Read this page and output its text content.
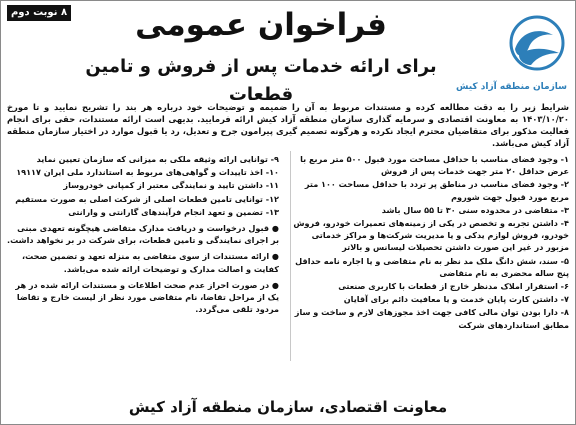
۸ نوبت دوم
سازمان منطقه آزاد کیش
فراخوان عمومی
برای ارائه خدمات پس از فروش و تامین قطعات
شرایط زیر را به دقت مطالعه کرده و مستندات مربوط به آن را ضمیمه و توضیحات خود درباره هر بند را تشریح نمایید و تا مورخ ۱۴۰۳/۱۰/۲۰ به معاونت اقتصادی و سرمایه گذاری سازمان منطقه آزاد کیش ارائه فرمایید. بدیهی است ارائه مستندات، حقی برای انجام فعالیت مذکور برای متقاضیان محترم ایجاد نکرده و هرگونه تصمیم گیری پیرامون جرح و تعدیل، رد یا قبول موارد در اختیار سازمان منطقه آزاد کیش می‌باشد.

۱- وجود فضای مناسب با حداقل مساحت مورد قبول ۵۰۰ متر مربع با عرض حداقل ۲۰ متر جهت خدمات پس از فروش

۲- وجود فضای مناسب در مناطق پر تردد با حداقل مساحت ۱۰۰ متر مربع مورد قبول جهت شوروم

۳- متقاضی در محدوده سنی ۳۰ تا ۵۵ سال باشد

۴- داشتن تجربه و تخصص در یکی از زمینه‌های تعمیرات خودرو، فروش خودرو، فروش لوازم یدکی و یا مدیریت شرکت‌ها و مراکز خدماتی مزبور در غیر این صورت داشتن تحصیلات لیسانس و بالاتر

۵- سند، شش دانگ ملک مد نظر به نام متقاضی و یا اجاره نامه حداقل پنج ساله محضری به نام متقاضی

۶- استقرار املاک مدنظر خارج از قطعات با کاربری صنعتی

۷- داشتن کارت پایان خدمت و یا معافیت دائم برای آقایان

۸- دارا بودن توان مالی کافی جهت اخذ مجوزهای لازم و ساخت و ساز مطابق استانداردهای شرکت

۹- توانایی ارائه وثیقه ملکی به میزانی که سازمان تعیین نماید

۱۰- اخذ تاییدات و گواهی‌های مربوط به استاندارد ملی ایران ۱۹۱۱۷

۱۱- داشتن تایید و نمایندگی معتبر از کمپانی خودروساز

۱۲- توانایی تامین قطعات اصلی از شرکت اصلی به صورت مستقیم

۱۳- تضمین و تعهد انجام فرآیندهای گارانتی و وارانتی

● قبول درخواست و دریافت مدارک متقاضی هیچگونه تعهدی مبنی بر اجرای نمایندگی و تامین قطعات، برای شرکت در بر نخواهد داشت.

● ارائه مستندات از سوی متقاضی به منزله تعهد و تضمین صحت، کفایت و اصالت مدارک و توضیحات ارائه شده می‌باشد.

● در صورت احراز عدم صحت اطلاعات و مستندات ارائه شده در هر یک از مراحل تقاضا، نام متقاضی مورد نظر از لیست خارج و تقاضا مردود تلقی می‌گردد.

معاونت اقتصادی، سازمان منطقه آزاد کیش
